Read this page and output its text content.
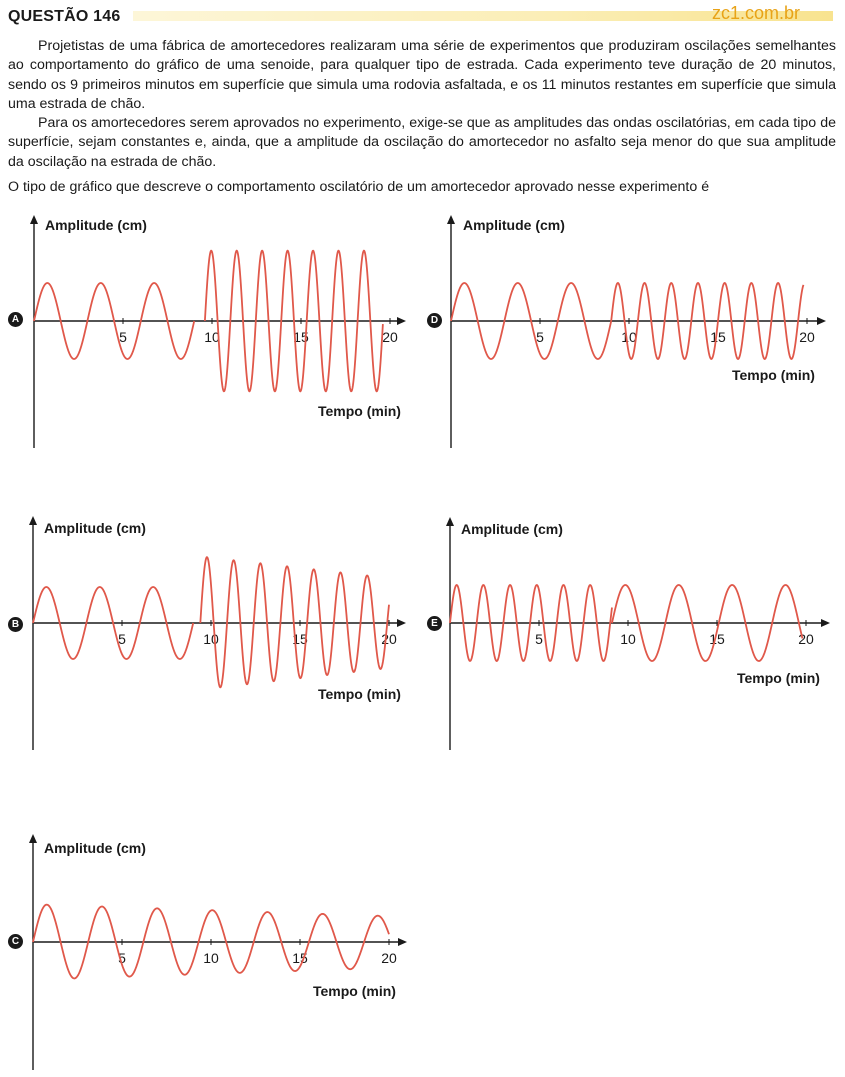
QUESTÃO 146	zc1.com.br

Projetistas de uma fábrica de amortecedores realizaram uma série de experimentos que produziram oscilações semelhantes ao comportamento do gráfico de uma senoide, para qualquer tipo de estrada. Cada experimento teve duração de 20 minutos, sendo os 9 primeiros minutos em superfície que simula uma rodovia asfaltada, e os 11 minutos restantes em superfície que simula uma estrada de chão.

Para os amortecedores serem aprovados no experimento, exige-se que as amplitudes das ondas oscilatórias, em cada tipo de superfície, sejam constantes e, ainda, que a amplitude da oscilação do amortecedor no asfalto seja menor do que sua amplitude da oscilação na estrada de chão.

O tipo de gráfico que descreve o comportamento oscilatório de um amortecedor aprovado nesse experimento é

A
Amplitude (cm)
Tempo (min)
5	10	15	20
D
Amplitude (cm)
Tempo (min)
5	10	15	20
B
Amplitude (cm)
Tempo (min)
5	10	15	20
E
Amplitude (cm)
Tempo (min)
5	10	15	20
C
Amplitude (cm)
Tempo (min)
5	10	15	20
